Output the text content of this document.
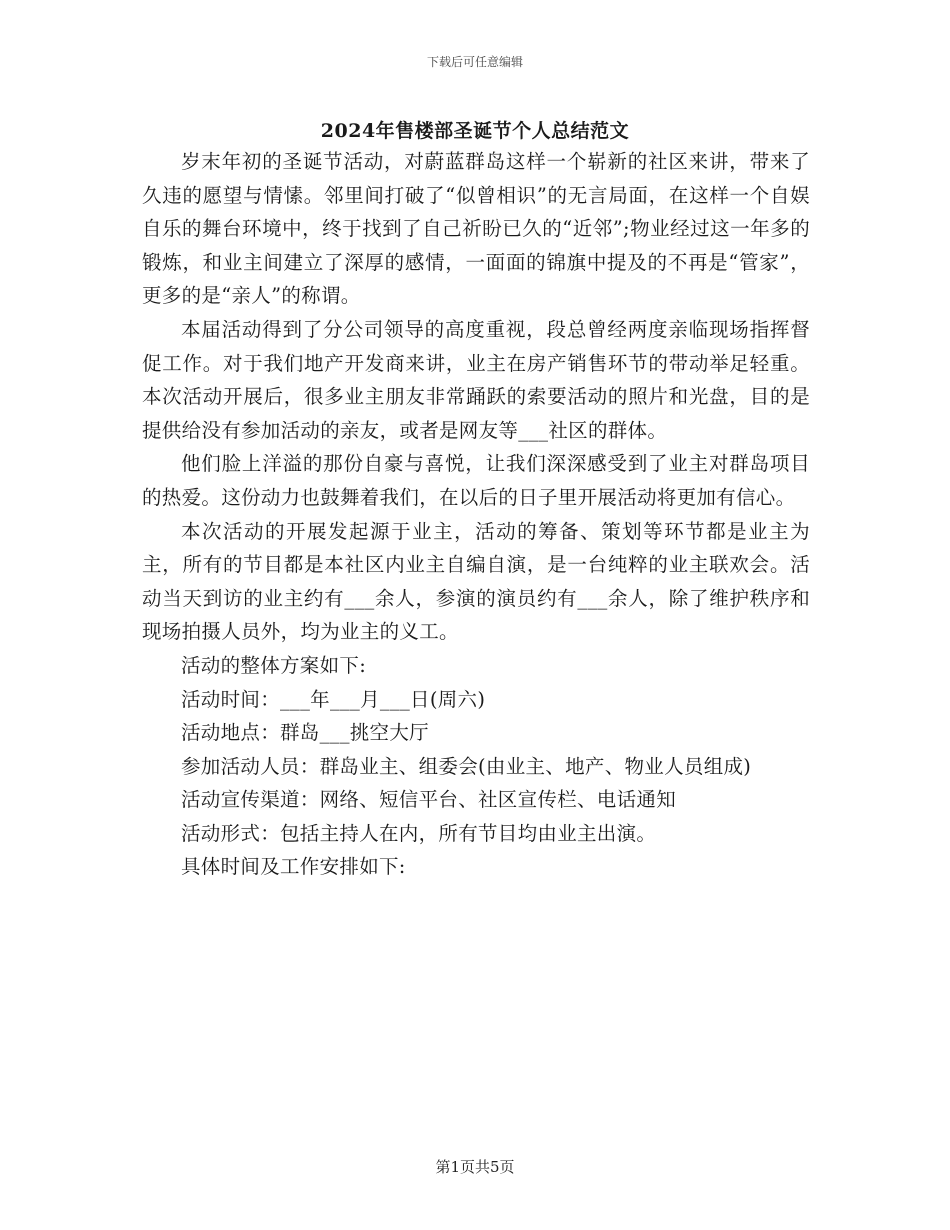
下载后可任意编辑
2024年售楼部圣诞节个人总结范文

岁末年初的圣诞节活动，对蔚蓝群岛这样一个崭新的社区来讲，带来了久违的愿望与情愫。邻里间打破了“似曾相识”的无言局面，在这样一个自娱自乐的舞台环境中，终于找到了自己祈盼已久的“近邻”;物业经过这一年多的锻炼，和业主间建立了深厚的感情，一面面的锦旗中提及的不再是“管家”，更多的是“亲人”的称谓。

本届活动得到了分公司领导的高度重视，段总曾经两度亲临现场指挥督促工作。对于我们地产开发商来讲，业主在房产销售环节的带动举足轻重。本次活动开展后，很多业主朋友非常踊跃的索要活动的照片和光盘，目的是提供给没有参加活动的亲友，或者是网友等___社区的群体。

他们脸上洋溢的那份自豪与喜悦，让我们深深感受到了业主对群岛项目的热爱。这份动力也鼓舞着我们，在以后的日子里开展活动将更加有信心。

本次活动的开展发起源于业主，活动的筹备、策划等环节都是业主为主，所有的节目都是本社区内业主自编自演，是一台纯粹的业主联欢会。活动当天到访的业主约有___余人，参演的演员约有___余人，除了维护秩序和现场拍摄人员外，均为业主的义工。

活动的整体方案如下:

活动时间：___年___月___日(周六)

活动地点：群岛___挑空大厅

参加活动人员：群岛业主、组委会(由业主、地产、物业人员组成)

活动宣传渠道：网络、短信平台、社区宣传栏、电话通知

活动形式：包括主持人在内，所有节目均由业主出演。

具体时间及工作安排如下:

第1页共5页
